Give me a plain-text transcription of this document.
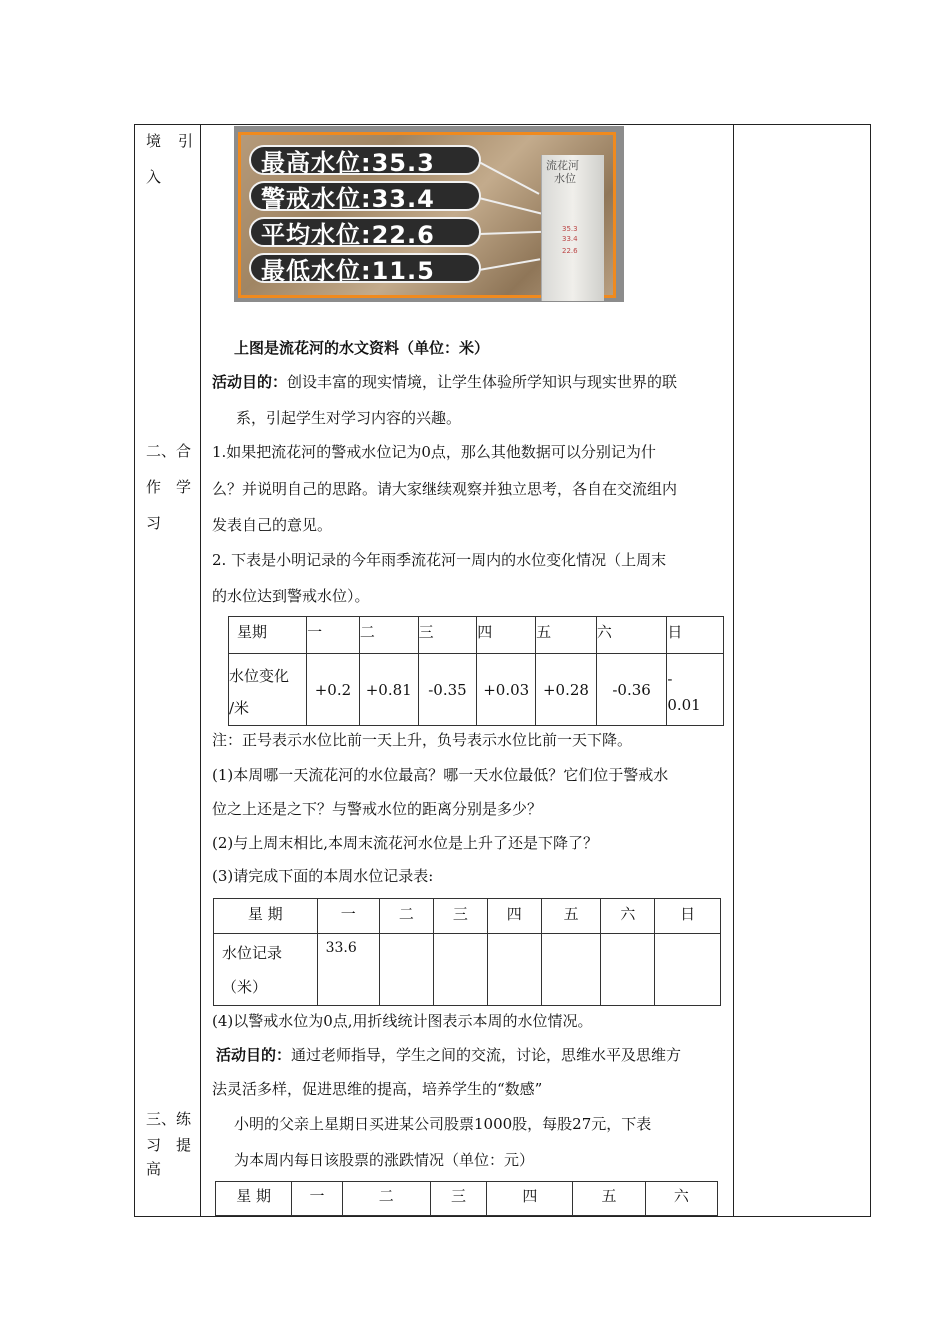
境 引
入
二、合
作 学
习
三、练
习 提
高
最高水位:35.3
警戒水位:33.4
平均水位:22.6
最低水位:11.5
流花河
水位
35.3
33.4
22.6
上图是流花河的水文资料（单位：米）
活动目的：创设丰富的现实情境，让学生体验所学知识与现实世界的联
系，引起学生对学习内容的兴趣。
1.如果把流花河的警戒水位记为0点，那么其他数据可以分别记为什
么？并说明自己的思路。请大家继续观察并独立思考，各自在交流组内
发表自己的意见。
2. 下表是小明记录的今年雨季流花河一周内的水位变化情况（上周末
的水位达到警戒水位）。
星期	一	二	三	四	五	六	日
水位变化
/米	+0.2	+0.81	-0.35	+0.03	+0.28	-0.36	-
0.01
注：正号表示水位比前一天上升，负号表示水位比前一天下降。
(1)本周哪一天流花河的水位最高？哪一天水位最低？它们位于警戒水
位之上还是之下？与警戒水位的距离分别是多少？
(2)与上周末相比,本周末流花河水位是上升了还是下降了？
(3)请完成下面的本周水位记录表:
星 期	一	二	三	四	五	六	日
水位记录
（米）	33.6						
(4)以警戒水位为0点,用折线统计图表示本周的水位情况。
活动目的：通过老师指导，学生之间的交流，讨论，思维水平及思维方
法灵活多样，促进思维的提高，培养学生的“数感”
小明的父亲上星期日买进某公司股票1000股，每股27元，下表
为本周内每日该股票的涨跌情况（单位：元）
星 期	一	二	三	四	五	六
